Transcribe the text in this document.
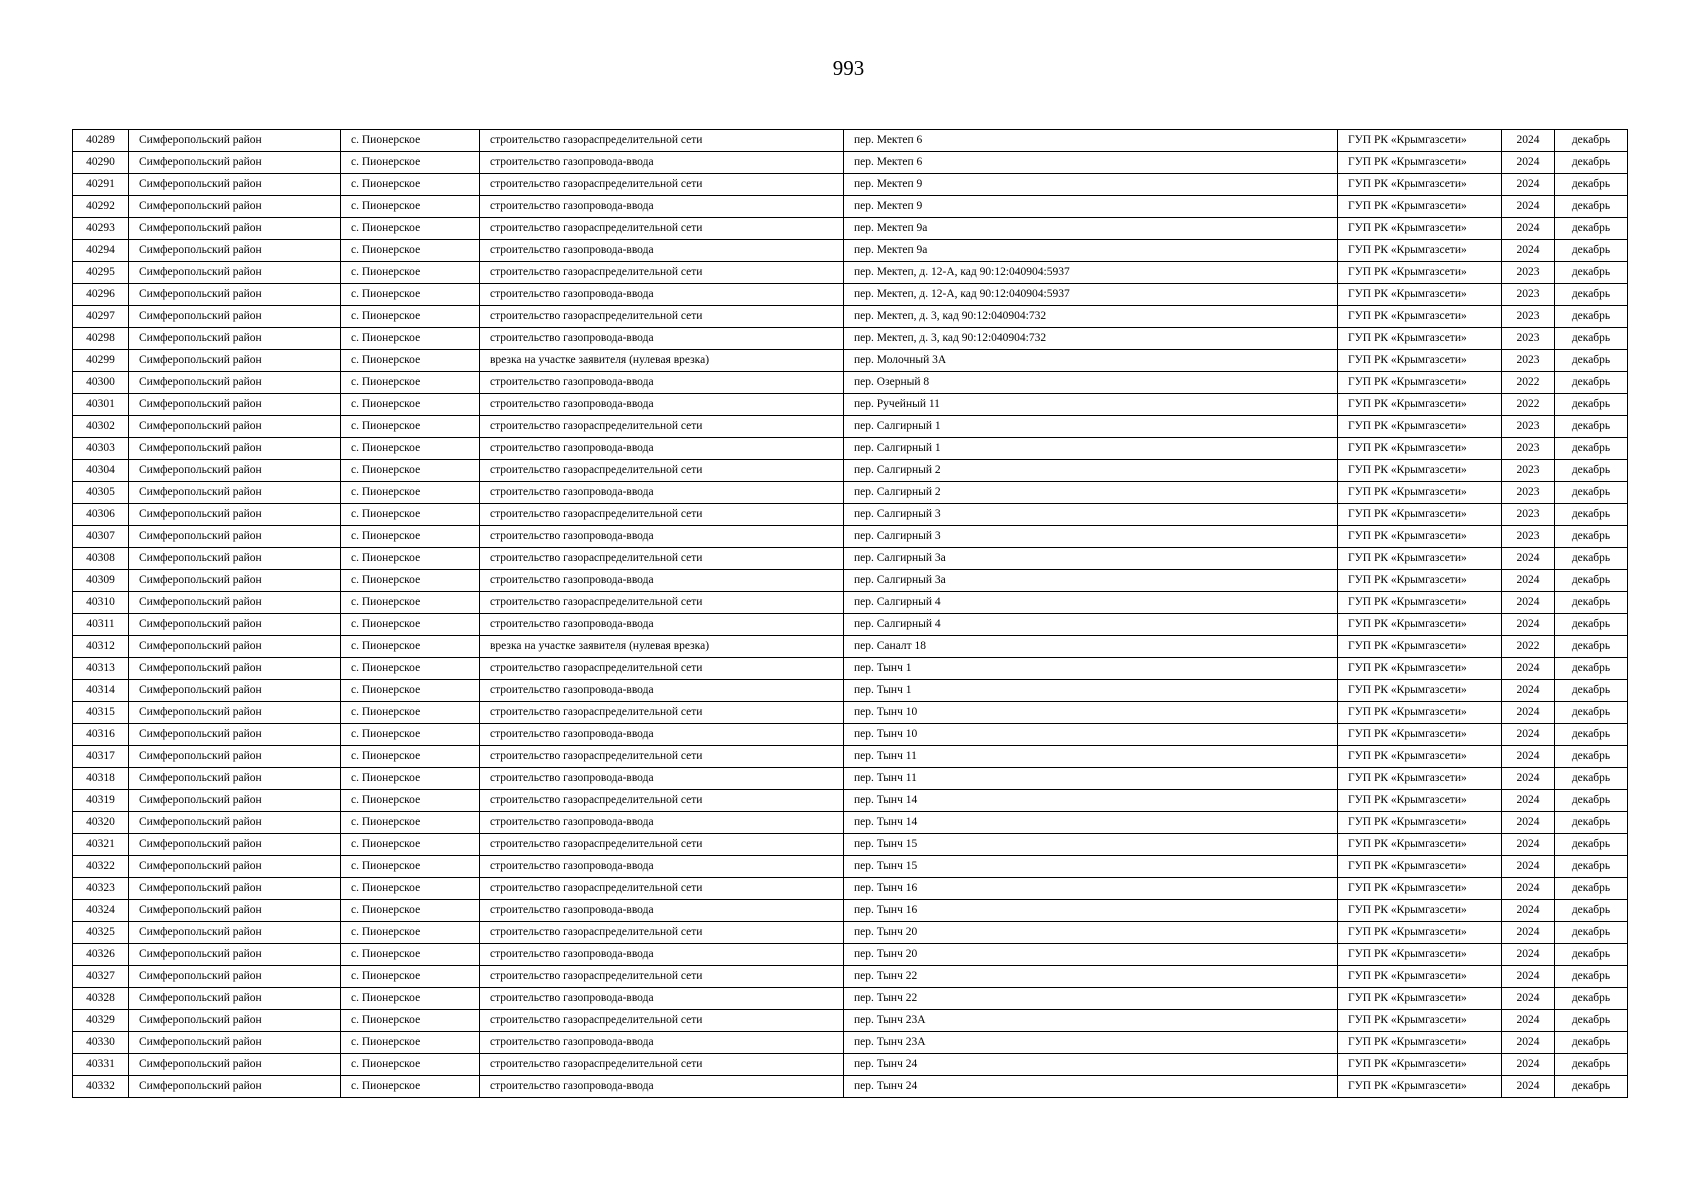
993
40289	Симферопольский район	с. Пионерское	строительство газораспределительной сети	пер. Мектеп 6	ГУП РК «Крымгазсети»	2024	декабрь
40290	Симферопольский район	с. Пионерское	строительство газопровода-ввода	пер. Мектеп 6	ГУП РК «Крымгазсети»	2024	декабрь
40291	Симферопольский район	с. Пионерское	строительство газораспределительной сети	пер. Мектеп 9	ГУП РК «Крымгазсети»	2024	декабрь
40292	Симферопольский район	с. Пионерское	строительство газопровода-ввода	пер. Мектеп 9	ГУП РК «Крымгазсети»	2024	декабрь
40293	Симферопольский район	с. Пионерское	строительство газораспределительной сети	пер. Мектеп 9а	ГУП РК «Крымгазсети»	2024	декабрь
40294	Симферопольский район	с. Пионерское	строительство газопровода-ввода	пер. Мектеп 9а	ГУП РК «Крымгазсети»	2024	декабрь
40295	Симферопольский район	с. Пионерское	строительство газораспределительной сети	пер. Мектеп, д. 12-А, кад 90:12:040904:5937	ГУП РК «Крымгазсети»	2023	декабрь
40296	Симферопольский район	с. Пионерское	строительство газопровода-ввода	пер. Мектеп, д. 12-А, кад 90:12:040904:5937	ГУП РК «Крымгазсети»	2023	декабрь
40297	Симферопольский район	с. Пионерское	строительство газораспределительной сети	пер. Мектеп, д. 3, кад 90:12:040904:732	ГУП РК «Крымгазсети»	2023	декабрь
40298	Симферопольский район	с. Пионерское	строительство газопровода-ввода	пер. Мектеп, д. 3, кад 90:12:040904:732	ГУП РК «Крымгазсети»	2023	декабрь
40299	Симферопольский район	с. Пионерское	врезка на участке заявителя (нулевая врезка)	пер. Молочный 3А	ГУП РК «Крымгазсети»	2023	декабрь
40300	Симферопольский район	с. Пионерское	строительство газопровода-ввода	пер. Озерный 8	ГУП РК «Крымгазсети»	2022	декабрь
40301	Симферопольский район	с. Пионерское	строительство газопровода-ввода	пер. Ручейный 11	ГУП РК «Крымгазсети»	2022	декабрь
40302	Симферопольский район	с. Пионерское	строительство газораспределительной сети	пер. Салгирный 1	ГУП РК «Крымгазсети»	2023	декабрь
40303	Симферопольский район	с. Пионерское	строительство газопровода-ввода	пер. Салгирный 1	ГУП РК «Крымгазсети»	2023	декабрь
40304	Симферопольский район	с. Пионерское	строительство газораспределительной сети	пер. Салгирный 2	ГУП РК «Крымгазсети»	2023	декабрь
40305	Симферопольский район	с. Пионерское	строительство газопровода-ввода	пер. Салгирный 2	ГУП РК «Крымгазсети»	2023	декабрь
40306	Симферопольский район	с. Пионерское	строительство газораспределительной сети	пер. Салгирный 3	ГУП РК «Крымгазсети»	2023	декабрь
40307	Симферопольский район	с. Пионерское	строительство газопровода-ввода	пер. Салгирный 3	ГУП РК «Крымгазсети»	2023	декабрь
40308	Симферопольский район	с. Пионерское	строительство газораспределительной сети	пер. Салгирный 3а	ГУП РК «Крымгазсети»	2024	декабрь
40309	Симферопольский район	с. Пионерское	строительство газопровода-ввода	пер. Салгирный 3а	ГУП РК «Крымгазсети»	2024	декабрь
40310	Симферопольский район	с. Пионерское	строительство газораспределительной сети	пер. Салгирный 4	ГУП РК «Крымгазсети»	2024	декабрь
40311	Симферопольский район	с. Пионерское	строительство газопровода-ввода	пер. Салгирный 4	ГУП РК «Крымгазсети»	2024	декабрь
40312	Симферопольский район	с. Пионерское	врезка на участке заявителя (нулевая врезка)	пер. Саналт 18	ГУП РК «Крымгазсети»	2022	декабрь
40313	Симферопольский район	с. Пионерское	строительство газораспределительной сети	пер. Тынч 1	ГУП РК «Крымгазсети»	2024	декабрь
40314	Симферопольский район	с. Пионерское	строительство газопровода-ввода	пер. Тынч 1	ГУП РК «Крымгазсети»	2024	декабрь
40315	Симферопольский район	с. Пионерское	строительство газораспределительной сети	пер. Тынч 10	ГУП РК «Крымгазсети»	2024	декабрь
40316	Симферопольский район	с. Пионерское	строительство газопровода-ввода	пер. Тынч 10	ГУП РК «Крымгазсети»	2024	декабрь
40317	Симферопольский район	с. Пионерское	строительство газораспределительной сети	пер. Тынч 11	ГУП РК «Крымгазсети»	2024	декабрь
40318	Симферопольский район	с. Пионерское	строительство газопровода-ввода	пер. Тынч 11	ГУП РК «Крымгазсети»	2024	декабрь
40319	Симферопольский район	с. Пионерское	строительство газораспределительной сети	пер. Тынч 14	ГУП РК «Крымгазсети»	2024	декабрь
40320	Симферопольский район	с. Пионерское	строительство газопровода-ввода	пер. Тынч 14	ГУП РК «Крымгазсети»	2024	декабрь
40321	Симферопольский район	с. Пионерское	строительство газораспределительной сети	пер. Тынч 15	ГУП РК «Крымгазсети»	2024	декабрь
40322	Симферопольский район	с. Пионерское	строительство газопровода-ввода	пер. Тынч 15	ГУП РК «Крымгазсети»	2024	декабрь
40323	Симферопольский район	с. Пионерское	строительство газораспределительной сети	пер. Тынч 16	ГУП РК «Крымгазсети»	2024	декабрь
40324	Симферопольский район	с. Пионерское	строительство газопровода-ввода	пер. Тынч 16	ГУП РК «Крымгазсети»	2024	декабрь
40325	Симферопольский район	с. Пионерское	строительство газораспределительной сети	пер. Тынч 20	ГУП РК «Крымгазсети»	2024	декабрь
40326	Симферопольский район	с. Пионерское	строительство газопровода-ввода	пер. Тынч 20	ГУП РК «Крымгазсети»	2024	декабрь
40327	Симферопольский район	с. Пионерское	строительство газораспределительной сети	пер. Тынч 22	ГУП РК «Крымгазсети»	2024	декабрь
40328	Симферопольский район	с. Пионерское	строительство газопровода-ввода	пер. Тынч 22	ГУП РК «Крымгазсети»	2024	декабрь
40329	Симферопольский район	с. Пионерское	строительство газораспределительной сети	пер. Тынч 23А	ГУП РК «Крымгазсети»	2024	декабрь
40330	Симферопольский район	с. Пионерское	строительство газопровода-ввода	пер. Тынч 23А	ГУП РК «Крымгазсети»	2024	декабрь
40331	Симферопольский район	с. Пионерское	строительство газораспределительной сети	пер. Тынч 24	ГУП РК «Крымгазсети»	2024	декабрь
40332	Симферопольский район	с. Пионерское	строительство газопровода-ввода	пер. Тынч 24	ГУП РК «Крымгазсети»	2024	декабрь
